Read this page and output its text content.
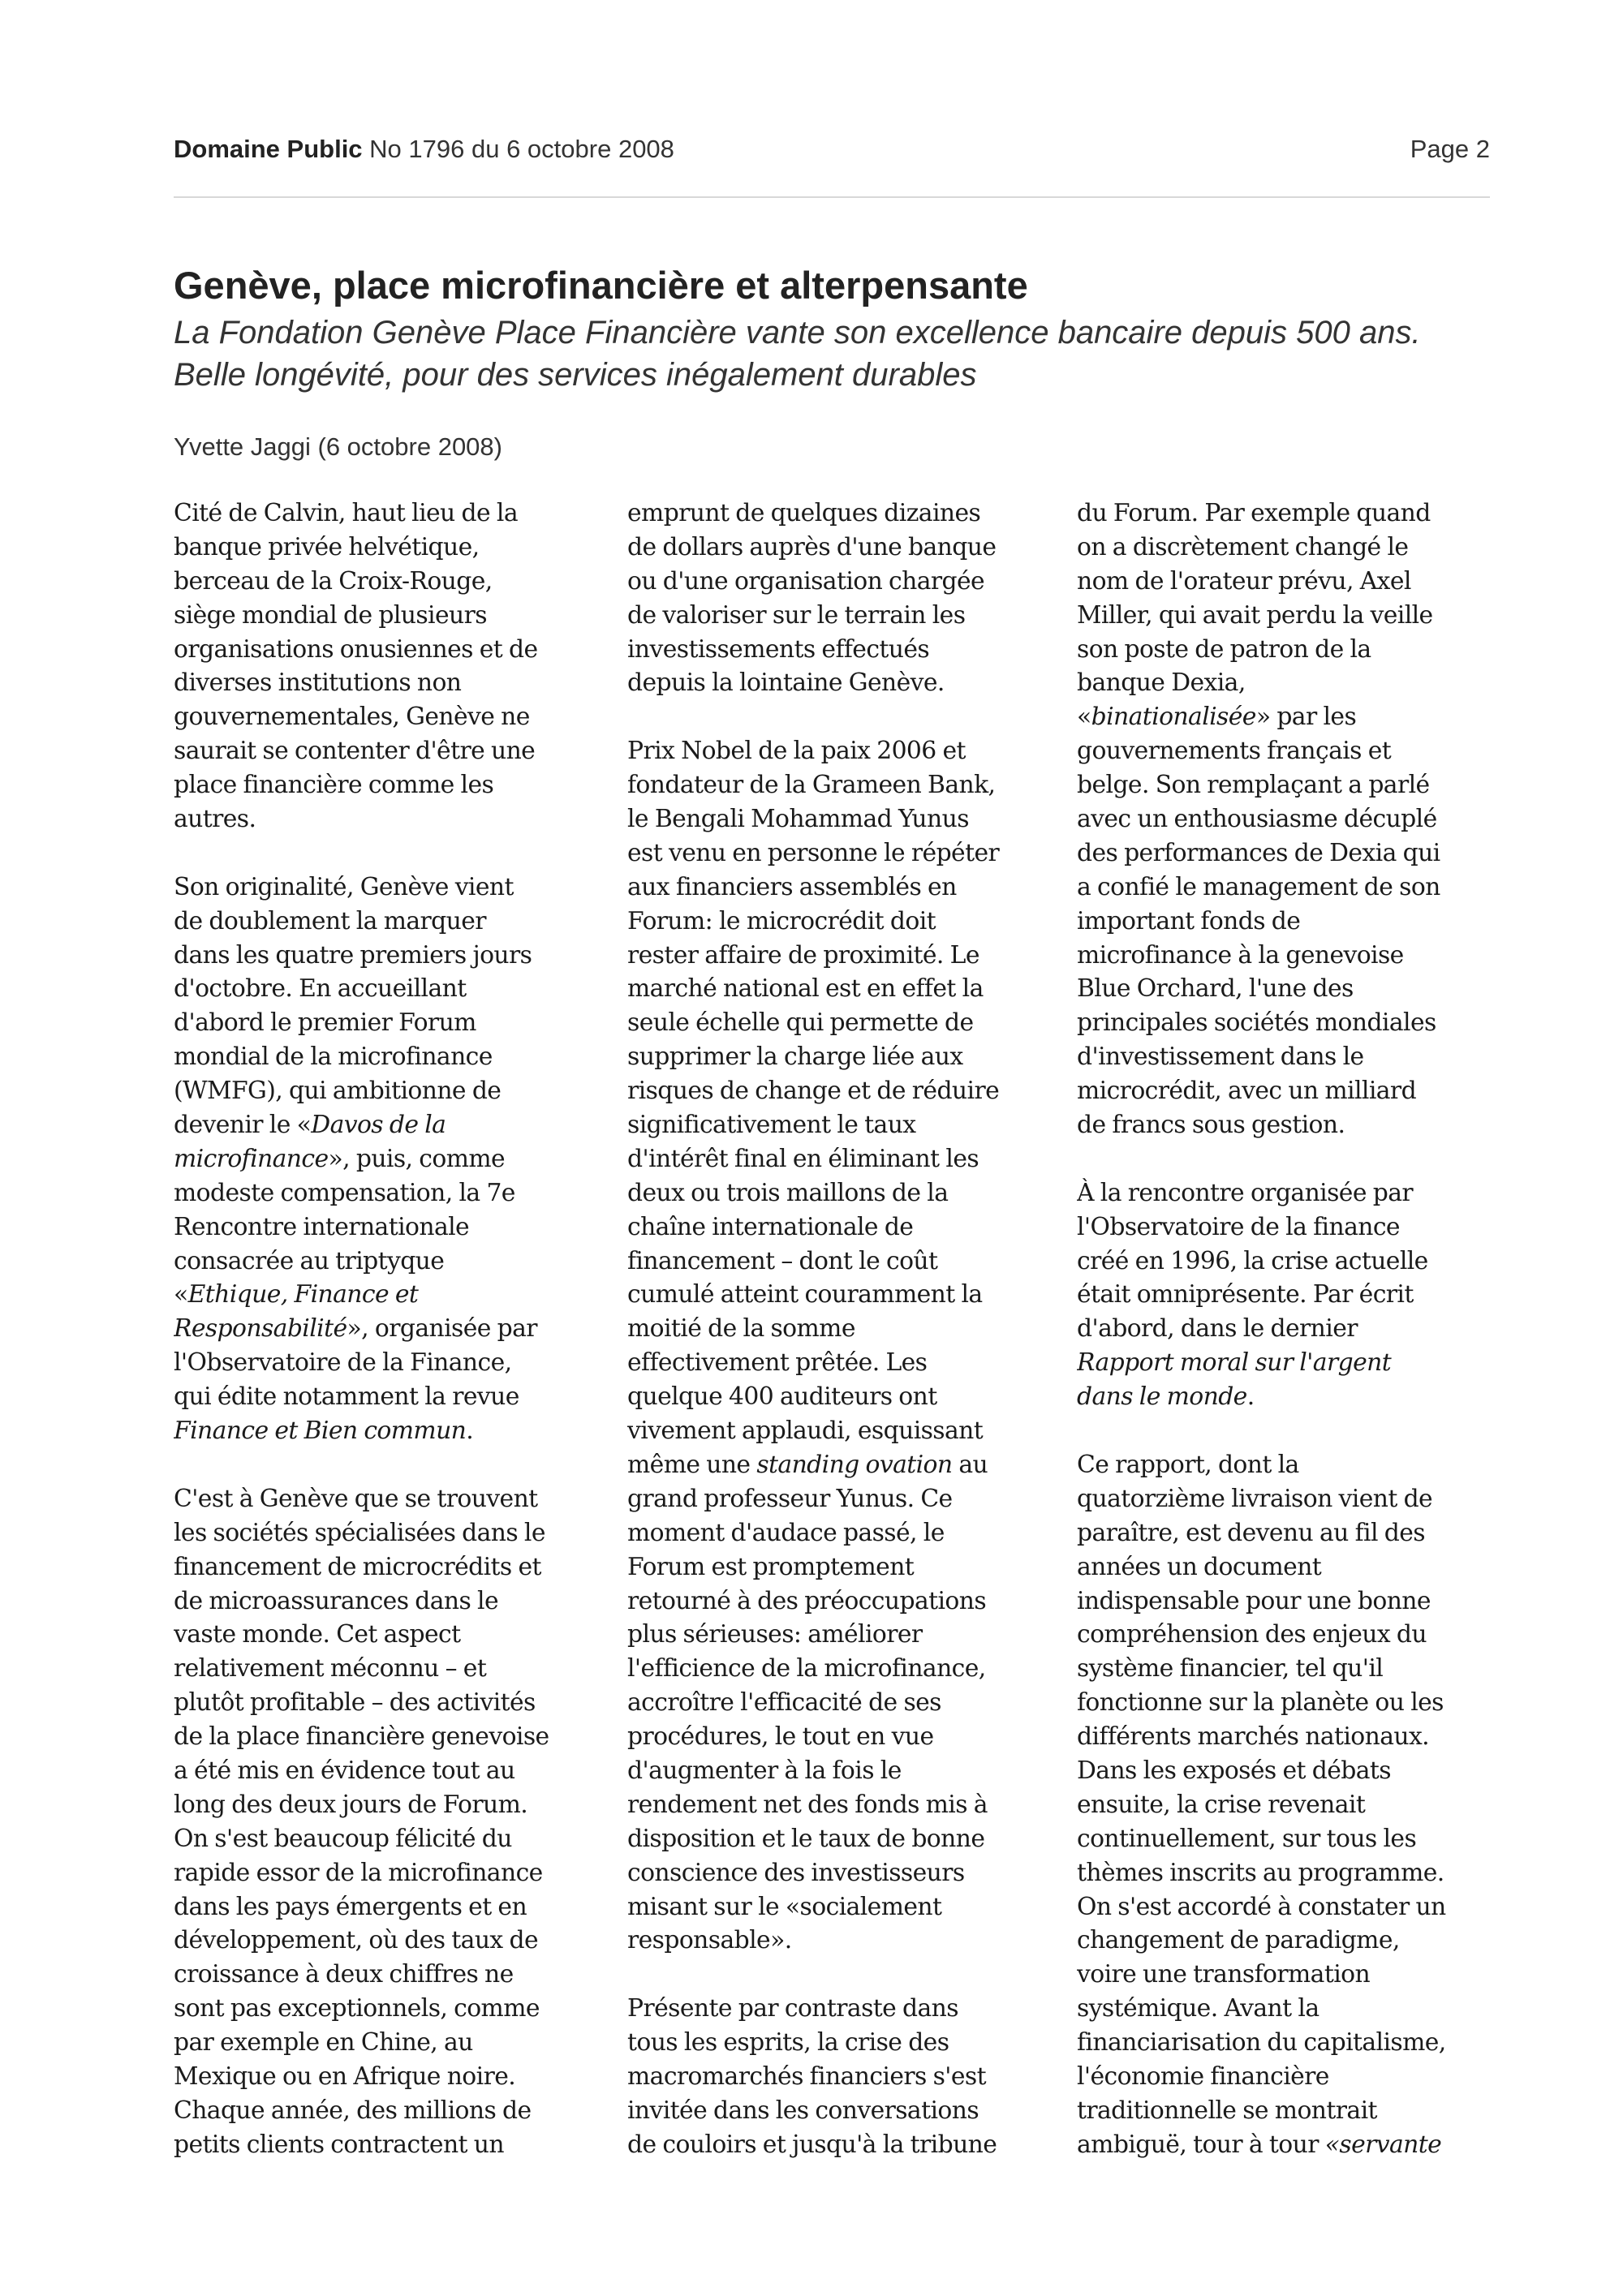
Domaine Public No 1796 du 6 octobre 2008	Page 2
Genève, place microfinancière et alterpensante

La Fondation Genève Place Financière vante son excellence bancaire depuis 500 ans. Belle longévité, pour des services inégalement durables

Yvette Jaggi (6 octobre 2008)

Cité de Calvin, haut lieu de la
banque privée helvétique,
berceau de la Croix-Rouge,
siège mondial de plusieurs
organisations onusiennes et de
diverses institutions non
gouvernementales, Genève ne
saurait se contenter d'être une
place financière comme les
autres.
Son originalité, Genève vient
de doublement la marquer
dans les quatre premiers jours
d'octobre. En accueillant
d'abord le premier Forum
mondial de la microfinance
(WMFG), qui ambitionne de
devenir le «Davos de la
microfinance», puis, comme
modeste compensation, la 7e
Rencontre internationale
consacrée au triptyque
«Ethique, Finance et
Responsabilité», organisée par
l'Observatoire de la Finance,
qui édite notamment la revue
Finance et Bien commun.
C'est à Genève que se trouvent
les sociétés spécialisées dans le
financement de microcrédits et
de microassurances dans le
vaste monde. Cet aspect
relativement méconnu – et
plutôt profitable – des activités
de la place financière genevoise
a été mis en évidence tout au
long des deux jours de Forum.
On s'est beaucoup félicité du
rapide essor de la microfinance
dans les pays émergents et en
développement, où des taux de
croissance à deux chiffres ne
sont pas exceptionnels, comme
par exemple en Chine, au
Mexique ou en Afrique noire.
Chaque année, des millions de
petits clients contractent un
emprunt de quelques dizaines
de dollars auprès d'une banque
ou d'une organisation chargée
de valoriser sur le terrain les
investissements effectués
depuis la lointaine Genève.
Prix Nobel de la paix 2006 et
fondateur de la Grameen Bank,
le Bengali Mohammad Yunus
est venu en personne le répéter
aux financiers assemblés en
Forum: le microcrédit doit
rester affaire de proximité. Le
marché national est en effet la
seule échelle qui permette de
supprimer la charge liée aux
risques de change et de réduire
significativement le taux
d'intérêt final en éliminant les
deux ou trois maillons de la
chaîne internationale de
financement – dont le coût
cumulé atteint couramment la
moitié de la somme
effectivement prêtée. Les
quelque 400 auditeurs ont
vivement applaudi, esquissant
même une standing ovation au
grand professeur Yunus. Ce
moment d'audace passé, le
Forum est promptement
retourné à des préoccupations
plus sérieuses: améliorer
l'efficience de la microfinance,
accroître l'efficacité de ses
procédures, le tout en vue
d'augmenter à la fois le
rendement net des fonds mis à
disposition et le taux de bonne
conscience des investisseurs
misant sur le «socialement
responsable».
Présente par contraste dans
tous les esprits, la crise des
macromarchés financiers s'est
invitée dans les conversations
de couloirs et jusqu'à la tribune
du Forum. Par exemple quand
on a discrètement changé le
nom de l'orateur prévu, Axel
Miller, qui avait perdu la veille
son poste de patron de la
banque Dexia,
«binationalisée» par les
gouvernements français et
belge. Son remplaçant a parlé
avec un enthousiasme décuplé
des performances de Dexia qui
a confié le management de son
important fonds de
microfinance à la genevoise
Blue Orchard, l'une des
principales sociétés mondiales
d'investissement dans le
microcrédit, avec un milliard
de francs sous gestion.
À la rencontre organisée par
l'Observatoire de la finance
créé en 1996, la crise actuelle
était omniprésente. Par écrit
d'abord, dans le dernier
Rapport moral sur l'argent
dans le monde.
Ce rapport, dont la
quatorzième livraison vient de
paraître, est devenu au fil des
années un document
indispensable pour une bonne
compréhension des enjeux du
système financier, tel qu'il
fonctionne sur la planète ou les
différents marchés nationaux.
Dans les exposés et débats
ensuite, la crise revenait
continuellement, sur tous les
thèmes inscrits au programme.
On s'est accordé à constater un
changement de paradigme,
voire une transformation
systémique. Avant la
financiarisation du capitalisme,
l'économie financière
traditionnelle se montrait
ambiguë, tour à tour «servante
